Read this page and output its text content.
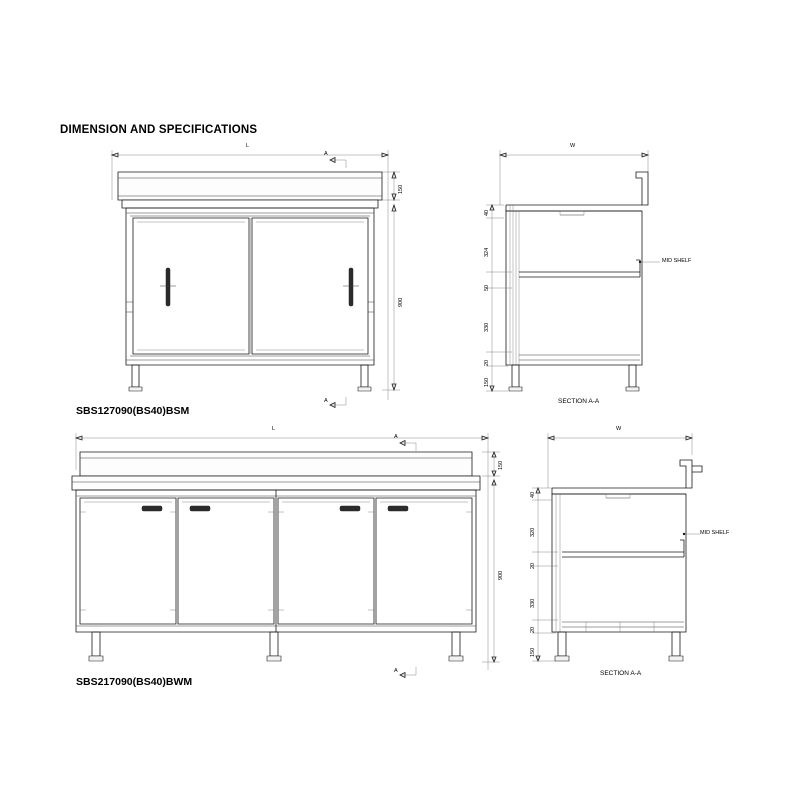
DIMENSION AND SPECIFICATIONS
L
A
A
150
900
W
40
324
50
330
20
150
MID SHELF
SECTION A-A
SBS127090(BS40)BSM
L
A
A
150
900
W
40
320
20
330
20
150
MID SHELF
SECTION A-A
SBS217090(BS40)BWM
